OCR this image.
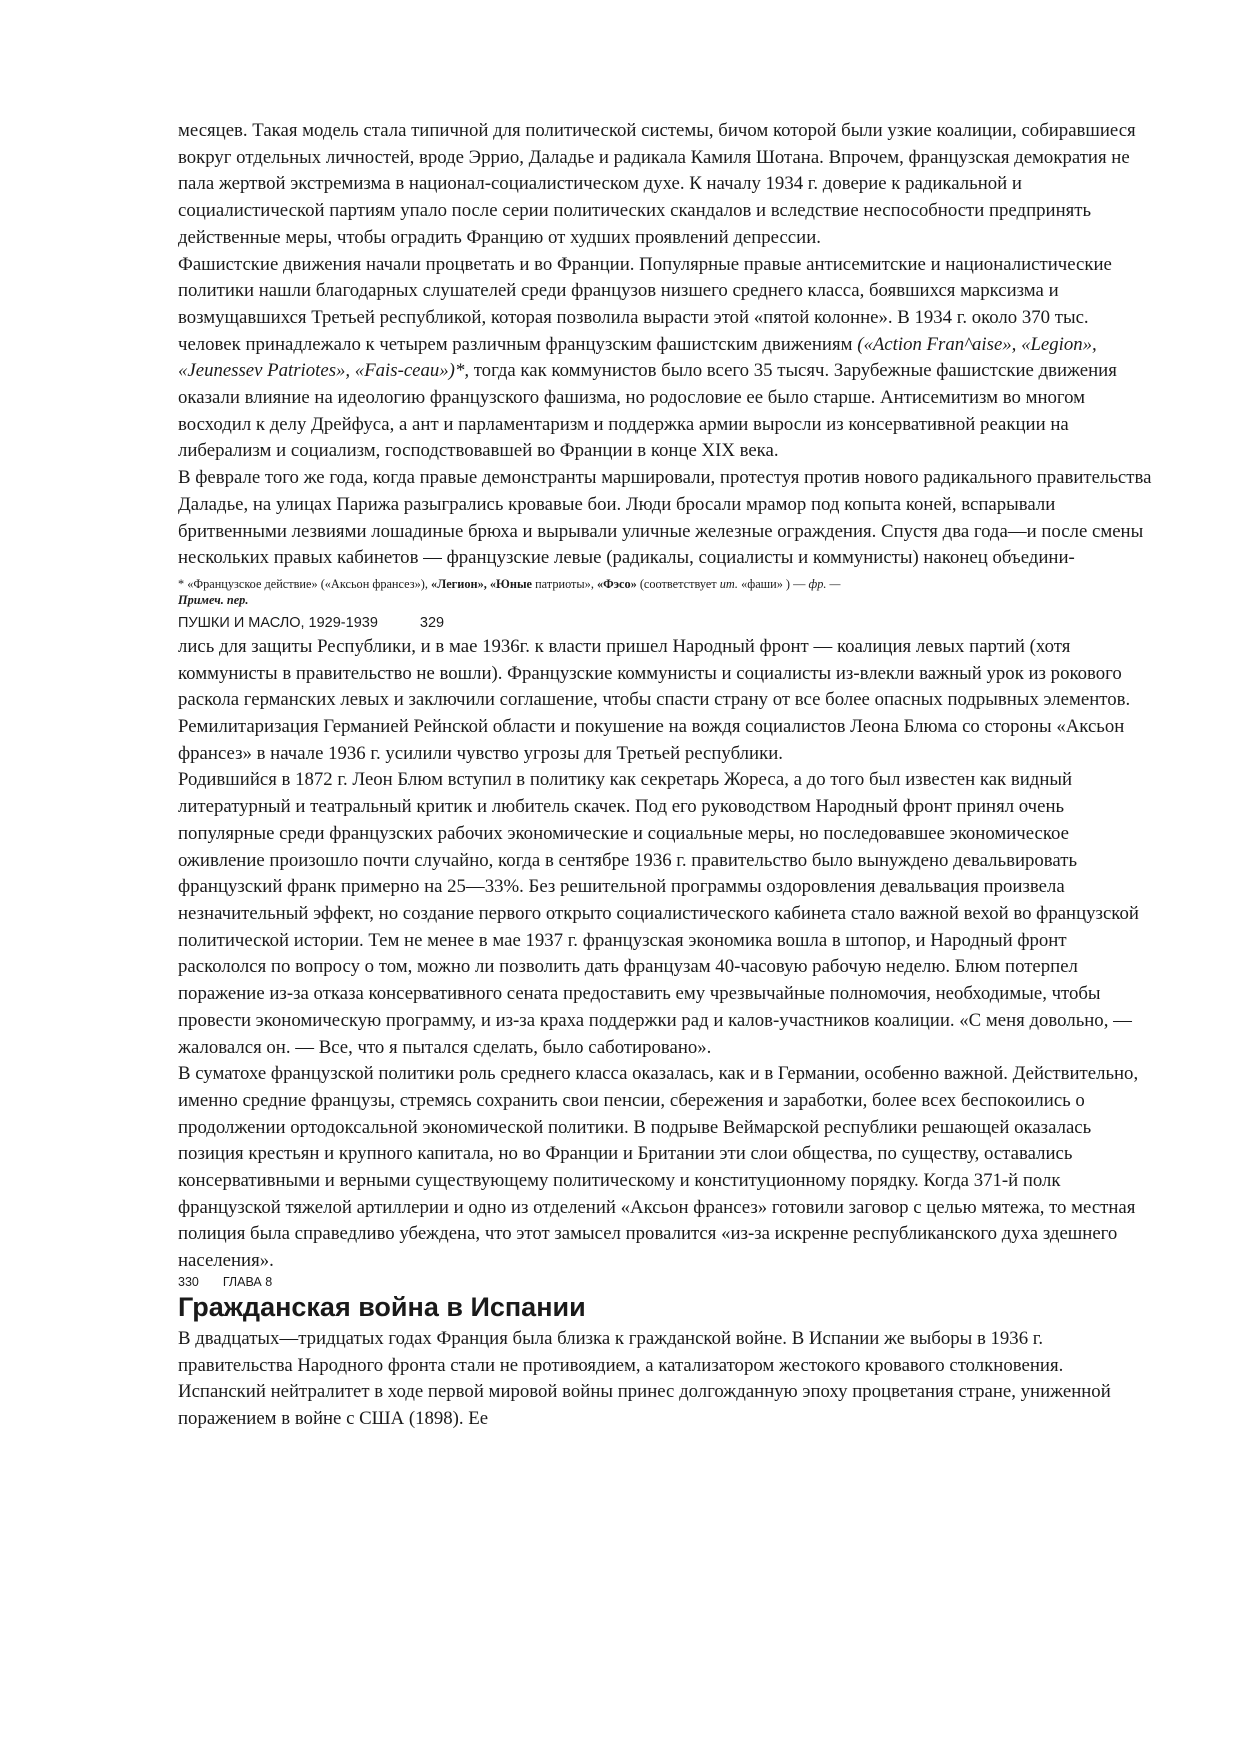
месяцев. Такая модель стала типичной для политической системы, бичом которой были узкие коалиции, собиравшиеся вокруг отдельных личностей, вроде Эррио, Даладье и радикала Камиля Шотана. Впрочем, французская демократия не пала жертвой экстремизма в национал-социалистическом духе. К началу 1934 г. доверие к радикальной и социалистической партиям упало после серии политических скандалов и вследствие неспособности предпринять действенные меры, чтобы оградить Францию от худших проявлений депрессии.

Фашистские движения начали процветать и во Франции. Популярные правые антисемитские и националистические политики нашли благодарных слушателей среди французов низшего среднего класса, боявшихся марксизма и возмущавшихся Третьей республикой, которая позволила вырасти этой «пятой колонне». В 1934 г. около 370 тыс. человек принадлежало к четырем различным французским фашистским движениям («Action Fran^aise», «Legion», «Jeunessev Patriotes», «Fais-ceau»)*, тогда как коммунистов было всего 35 тысяч. Зарубежные фашистские движения оказали влияние на идеологию французского фашизма, но родословие ее было старше. Антисемитизм во многом восходил к делу Дрейфуса, а ант и парламентаризм и поддержка армии выросли из консервативной реакции на либерализм и социализм, господствовавшей во Франции в конце XIX века.

В феврале того же года, когда правые демонстранты маршировали, протестуя против нового радикального правительства Даладье, на улицах Парижа разыгрались кровавые бои. Люди бросали мрамор под копыта коней, вспарывали бритвенными лезвиями лошадиные брюха и вырывали уличные железные ограждения. Спустя два года—и после смены нескольких правых кабинетов — французские левые (радикалы, социалисты и коммунисты) наконец объедини-

* «Французское действие» («Аксьон франсез»), «Легион», «Юные патриоты», «Фэсо» (соответствует ит. «фаши» ) — фр. —

Примеч. пер.

ПУШКИ И МАСЛО, 1929-1939	329

лись для защиты Республики, и в мае 1936г. к власти пришел Народный фронт — коалиция левых партий (хотя коммунисты в правительство не вошли). Французские коммунисты и социалисты из-влекли важный урок из рокового раскола германских левых и заключили соглашение, чтобы спасти страну от все более опасных подрывных элементов. Ремилитаризация Германией Рейнской области и покушение на вождя социалистов Леона Блюма со стороны «Аксьон франсез» в начале 1936 г. усилили чувство угрозы для Третьей республики.

Родившийся в 1872 г. Леон Блюм вступил в политику как секретарь Жореса, а до того был известен как видный литературный и театральный критик и любитель скачек. Под его руководством Народный фронт принял очень популярные среди французских рабочих экономические и социальные меры, но последовавшее экономическое оживление произошло почти случайно, когда в сентябре 1936 г. правительство было вынуждено девальвировать французский франк примерно на 25—33%. Без решительной программы оздоровления девальвация произвела незначительный эффект, но создание первого открыто социалистического кабинета стало важной вехой во французской политической истории. Тем не менее в мае 1937 г. французская экономика вошла в штопор, и Народный фронт раскололся по вопросу о том, можно ли позволить дать французам 40-часовую рабочую неделю. Блюм потерпел поражение из-за отказа консервативного сената предоставить ему чрезвычайные полномочия, необходимые, чтобы провести экономическую программу, и из-за краха поддержки рад и калов-участников коалиции. «С меня довольно, — жаловался он. — Все, что я пытался сделать, было саботировано».

В суматохе французской политики роль среднего класса оказалась, как и в Германии, особенно важной. Действительно, именно средние французы, стремясь сохранить свои пенсии, сбережения и заработки, более всех беспокоились о продолжении ортодоксальной экономической политики. В подрыве Веймарской республики решающей оказалась позиция крестьян и крупного капитала, но во Франции и Британии эти слои общества, по существу, оставались консервативными и верными существующему политическому и конституционному порядку. Когда 371-й полк французской тяжелой артиллерии и одно из отделений «Аксьон франсез» готовили заговор с целью мятежа, то местная полиция была справедливо убеждена, что этот замысел провалится «из-за искренне республиканского духа здешнего населения».

330 ГЛАВА 8
Гражданская война в Испании

В двадцатых—тридцатых годах Франция была близка к гражданской войне. В Испании же выборы в 1936 г. правительства Народного фронта стали не противоядием, а катализатором жестокого кровавого столкновения. Испанский нейтралитет в ходе первой мировой войны принес долгожданную эпоху процветания стране, униженной поражением в войне с США (1898). Ее
